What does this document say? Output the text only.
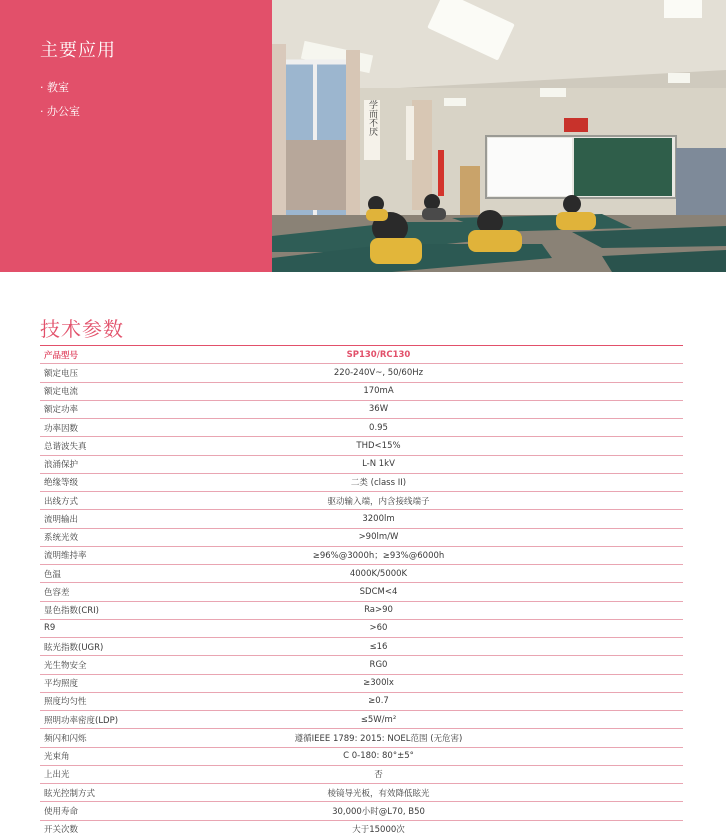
主要应用
· 教室
· 办公室	学而不厌
技术参数
产品型号	SP130/RC130
额定电压	220-240V~, 50/60Hz
额定电流	170mA
额定功率	36W
功率因数	0.95
总谐波失真	THD<15%
浪涌保护	L-N 1kV
绝缘等级	二类 (class II)
出线方式	驱动输入端，内含接线端子
流明输出	3200lm
系统光效	>90lm/W
流明维持率	≥96%@3000h；≥93%@6000h
色温	4000K/5000K
色容差	SDCM<4
显色指数(CRI)	Ra>90
R9	>60
眩光指数(UGR)	≤16
光生物安全	RG0
平均照度	≥300lx
照度均匀性	≥0.7
照明功率密度(LDP)	≤5W/m²
频闪和闪烁	遵循IEEE 1789: 2015: NOEL范围 (无危害)
光束角	C 0-180: 80°±5°
上出光	否
眩光控制方式	棱镜导光板，有效降低眩光
使用寿命	30,000小时@L70, B50
开关次数	大于15000次
